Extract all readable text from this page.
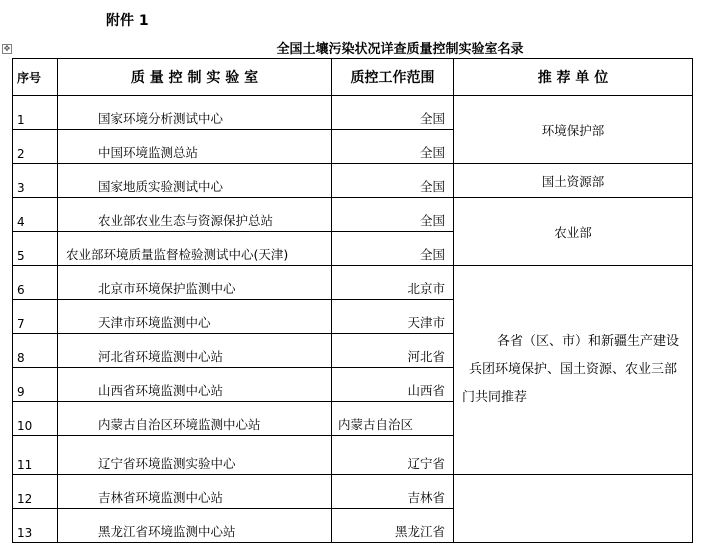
附件 1
✥	全国土壤污染状况详查质量控制实验室名录
序号	质 量 控 制 实 验 室	质控工作范围	推 荐 单 位
1	国家环境分析测试中心	全国	环境保护部
2	中国环境监测总站	全国	
3	国家地质实验测试中心	全国	国土资源部
4	农业部农业生态与资源保护总站	全国	农业部
5	农业部环境质量监督检验测试中心(天津)	全国	
6	北京市环境保护监测中心	北京市	各省（区、市）和新疆生产建设
兵团环境保护、国土资源、农业三部
门共同推荐

7	天津市环境监测中心	天津市	
8	河北省环境监测中心站	河北省	
9	山西省环境监测中心站	山西省	
10	内蒙古自治区环境监测中心站	内蒙古自治区	
11	辽宁省环境监测实验中心	辽宁省	
12	吉林省环境监测中心站	吉林省	
13	黑龙江省环境监测中心站	黑龙江省	
